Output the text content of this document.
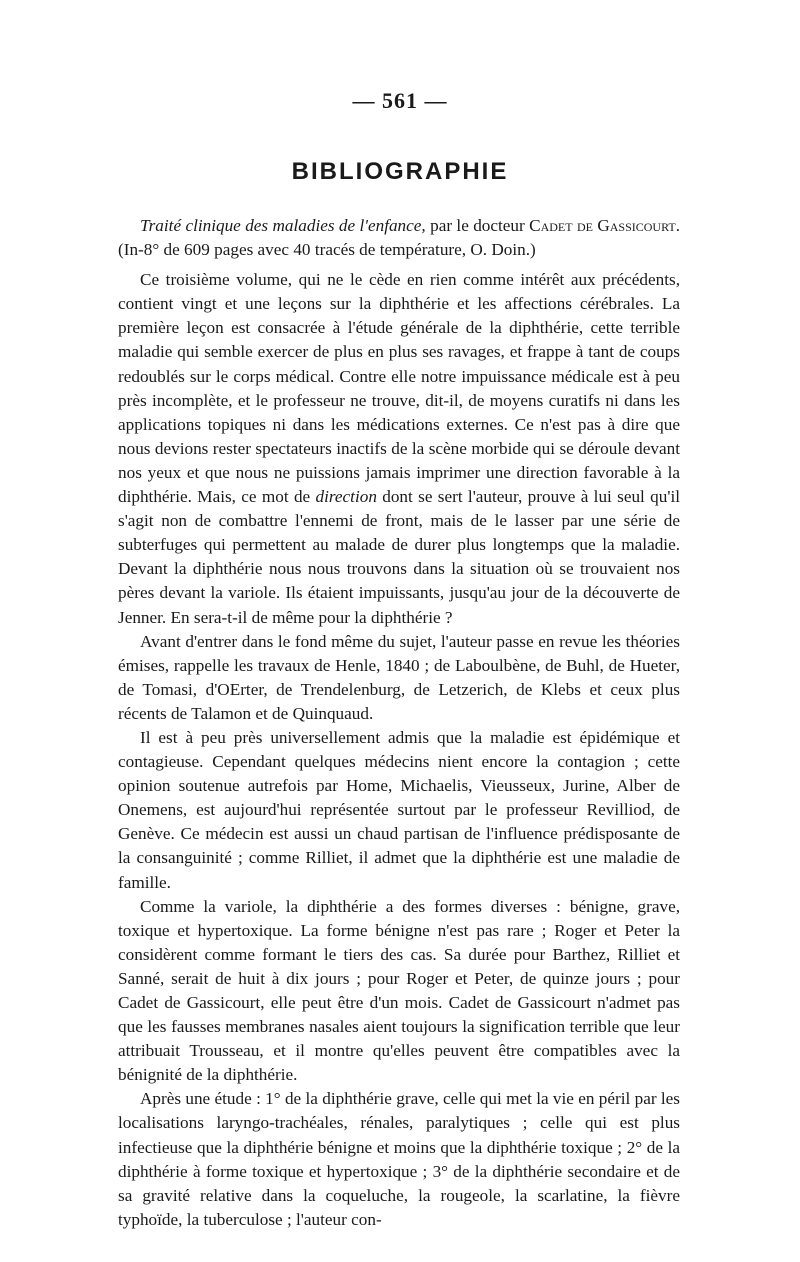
— 561 —
BIBLIOGRAPHIE

Traité clinique des maladies de l'enfance, par le docteur Cadet de Gassicourt. (In-8° de 609 pages avec 40 tracés de température, O. Doin.)

Ce troisième volume, qui ne le cède en rien comme intérêt aux précédents, contient vingt et une leçons sur la diphthérie et les affections cérébrales. La première leçon est consacrée à l'étude générale de la diphthérie, cette terrible maladie qui semble exercer de plus en plus ses ravages, et frappe à tant de coups redoublés sur le corps médical. Contre elle notre impuissance médicale est à peu près incomplète, et le professeur ne trouve, dit-il, de moyens curatifs ni dans les applications topiques ni dans les médications externes. Ce n'est pas à dire que nous devions rester spectateurs inactifs de la scène morbide qui se déroule devant nos yeux et que nous ne puissions jamais imprimer une direction favorable à la diphthérie. Mais, ce mot de direction dont se sert l'auteur, prouve à lui seul qu'il s'agit non de combattre l'ennemi de front, mais de le lasser par une série de subterfuges qui permettent au malade de durer plus longtemps que la maladie. Devant la diphthérie nous nous trouvons dans la situation où se trouvaient nos pères devant la variole. Ils étaient impuissants, jusqu'au jour de la découverte de Jenner. En sera-t-il de même pour la diphthérie ?

Avant d'entrer dans le fond même du sujet, l'auteur passe en revue les théories émises, rappelle les travaux de Henle, 1840 ; de Laboulbène, de Buhl, de Hueter, de Tomasi, d'OErter, de Trendelenburg, de Letzerich, de Klebs et ceux plus récents de Talamon et de Quinquaud.

Il est à peu près universellement admis que la maladie est épidémique et contagieuse. Cependant quelques médecins nient encore la contagion ; cette opinion soutenue autrefois par Home, Michaelis, Vieusseux, Jurine, Alber de Onemens, est aujourd'hui représentée surtout par le professeur Revilliod, de Genève. Ce médecin est aussi un chaud partisan de l'influence prédisposante de la consanguinité ; comme Rilliet, il admet que la diphthérie est une maladie de famille.

Comme la variole, la diphthérie a des formes diverses : bénigne, grave, toxique et hypertoxique. La forme bénigne n'est pas rare ; Roger et Peter la considèrent comme formant le tiers des cas. Sa durée pour Barthez, Rilliet et Sanné, serait de huit à dix jours ; pour Roger et Peter, de quinze jours ; pour Cadet de Gassicourt, elle peut être d'un mois. Cadet de Gassicourt n'admet pas que les fausses membranes nasales aient toujours la signification terrible que leur attribuait Trousseau, et il montre qu'elles peuvent être compatibles avec la bénignité de la diphthérie.

Après une étude : 1° de la diphthérie grave, celle qui met la vie en péril par les localisations laryngo-trachéales, rénales, paralytiques ; celle qui est plus infectieuse que la diphthérie bénigne et moins que la diphthérie toxique ; 2° de la diphthérie à forme toxique et hypertoxique ; 3° de la diphthérie secondaire et de sa gravité relative dans la coqueluche, la rougeole, la scarlatine, la fièvre typhoïde, la tuberculose ; l'auteur con-
